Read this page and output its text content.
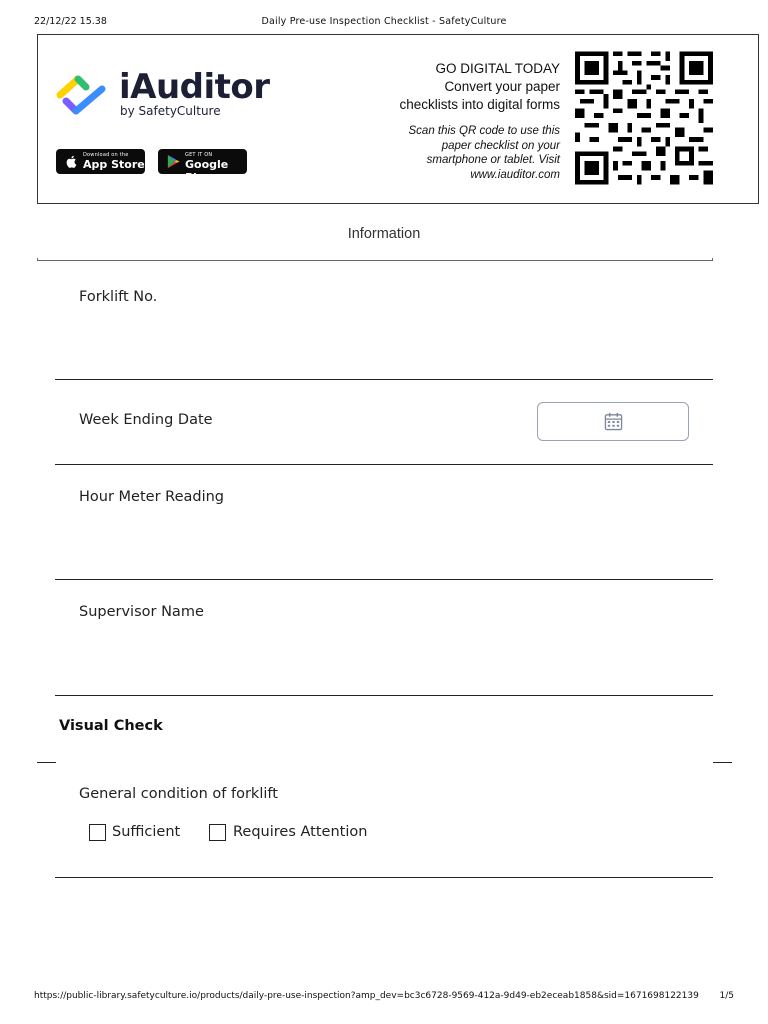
22/12/22 15.38	Daily Pre-use Inspection Checklist - SafetyCulture
iAuditor
by SafetyCulture
Download on the
App Store
GET IT ON
Google Play
GO DIGITAL TODAY
Convert your paper
checklists into digital forms
Scan this QR code to use this
paper checklist on your
smartphone or tablet. Visit
www.iauditor.com
Information
Forklift No.
Week Ending Date
Hour Meter Reading
Supervisor Name
Visual Check
General condition of forklift
Sufficient	Requires Attention
https://public-library.safetyculture.io/products/daily-pre-use-inspection?amp_dev=bc3c6728-9569-412a-9d49-eb2eceab1858&sid=1671698122139 1/5
